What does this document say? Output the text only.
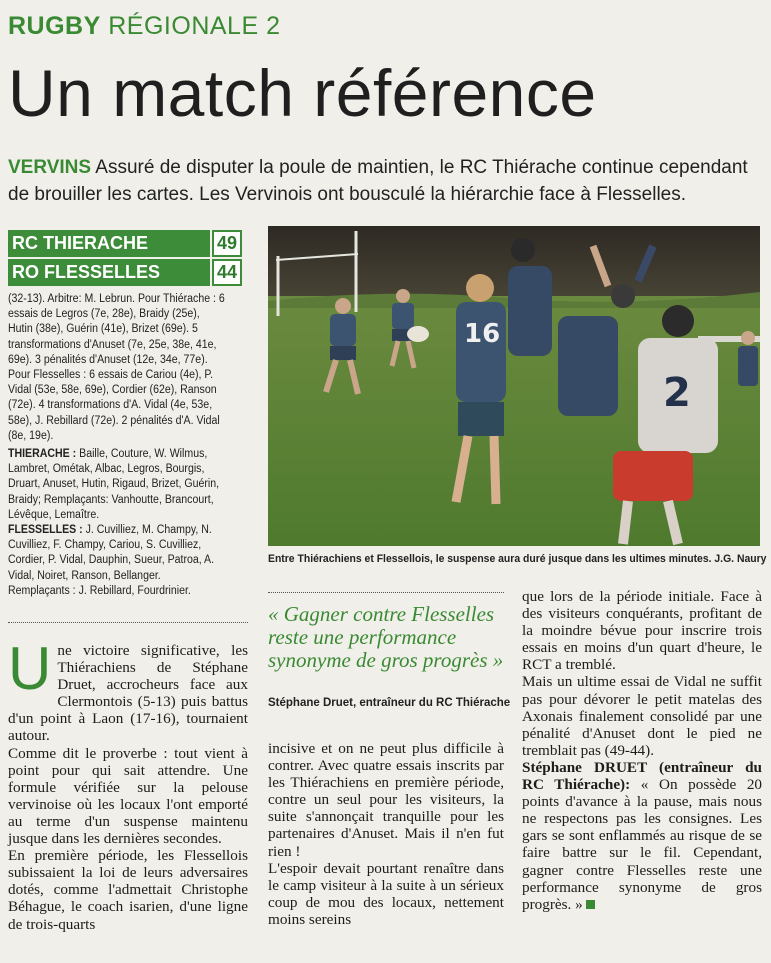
RUGBY RÉGIONALE 2
Un match référence
VERVINS Assuré de disputer la poule de maintien, le RC Thiérache continue cependant de brouiller les cartes. Les Vervinois ont bousculé la hiérarchie face à Flesselles.
RC THIERACHE	49
RO FLESSELLES	44

(32-13). Arbitre: M. Lebrun. Pour Thiérache : 6 essais de Legros (7e, 28e), Braidy (25e), Hutin (38e), Guérin (41e), Brizet (69e). 5 transformations d'Anuset (7e, 25e, 38e, 41e, 69e). 3 pénalités d'Anuset (12e, 34e, 77e). Pour Flesselles : 6 essais de Cariou (4e), P. Vidal (53e, 58e, 69e), Cordier (62e), Ranson (72e). 4 transformations d'A. Vidal (4e, 53e, 58e), J. Rebillard (72e). 2 pénalités d'A. Vidal (8e, 19e).

THIERACHE : Baille, Couture, W. Wilmus, Lambret, Ométak, Albac, Legros, Bourgis, Druart, Anuset, Hutin, Rigaud, Brizet, Guérin, Braidy; Remplaçants: Vanhoutte, Brancourt, Lévêque, Lemaître.

FLESSELLES : J. Cuvilliez, M. Champy, N. Cuvilliez, F. Champy, Cariou, S. Cuvilliez, Cordier, P. Vidal, Dauphin, Sueur, Patroa, A. Vidal, Noiret, Ranson, Bellanger. Remplaçants : J. Rebillard, Fourdrinier.

16
2
Entre Thiérachiens et Flessellois, le suspense aura duré jusque dans les ultimes minutes. J.G. Naury
« Gagner contre Flesselles reste une performance synonyme de gros progrès »
Stéphane Druet, entraîneur du RC Thiérache
U ne victoire significative, les Thiérachiens de Stéphane Druet, accrocheurs face aux Clermontois (5-13) puis battus d'un point à Laon (17-16), tournaient autour.

Comme dit le proverbe : tout vient à point pour qui sait attendre. Une formule vérifiée sur la pelouse vervinoise où les locaux l'ont emporté au terme d'un suspense maintenu jusque dans les dernières secondes.

En première période, les Flessellois subissaient la loi de leurs adversaires dotés, comme l'admettait Christophe Béhague, le coach isarien, d'une ligne de trois-quarts

incisive et on ne peut plus difficile à contrer. Avec quatre essais inscrits par les Thiérachiens en première période, contre un seul pour les visiteurs, la suite s'annonçait tranquille pour les partenaires d'Anuset. Mais il n'en fut rien !

L'espoir devait pourtant renaître dans le camp visiteur à la suite à un sérieux coup de mou des locaux, nettement moins sereins

que lors de la période initiale. Face à des visiteurs conquérants, profitant de la moindre bévue pour inscrire trois essais en moins d'un quart d'heure, le RCT a tremblé.

Mais un ultime essai de Vidal ne suffit pas pour dévorer le petit matelas des Axonais finalement consolidé par une pénalité d'Anuset dont le pied ne tremblait pas (49-44).

Stéphane DRUET (entraîneur du RC Thiérache): « On possède 20 points d'avance à la pause, mais nous ne respectons pas les consignes. Les gars se sont enflammés au risque de se faire battre sur le fil. Cependant, gagner contre Flesselles reste une performance synonyme de gros progrès. »
